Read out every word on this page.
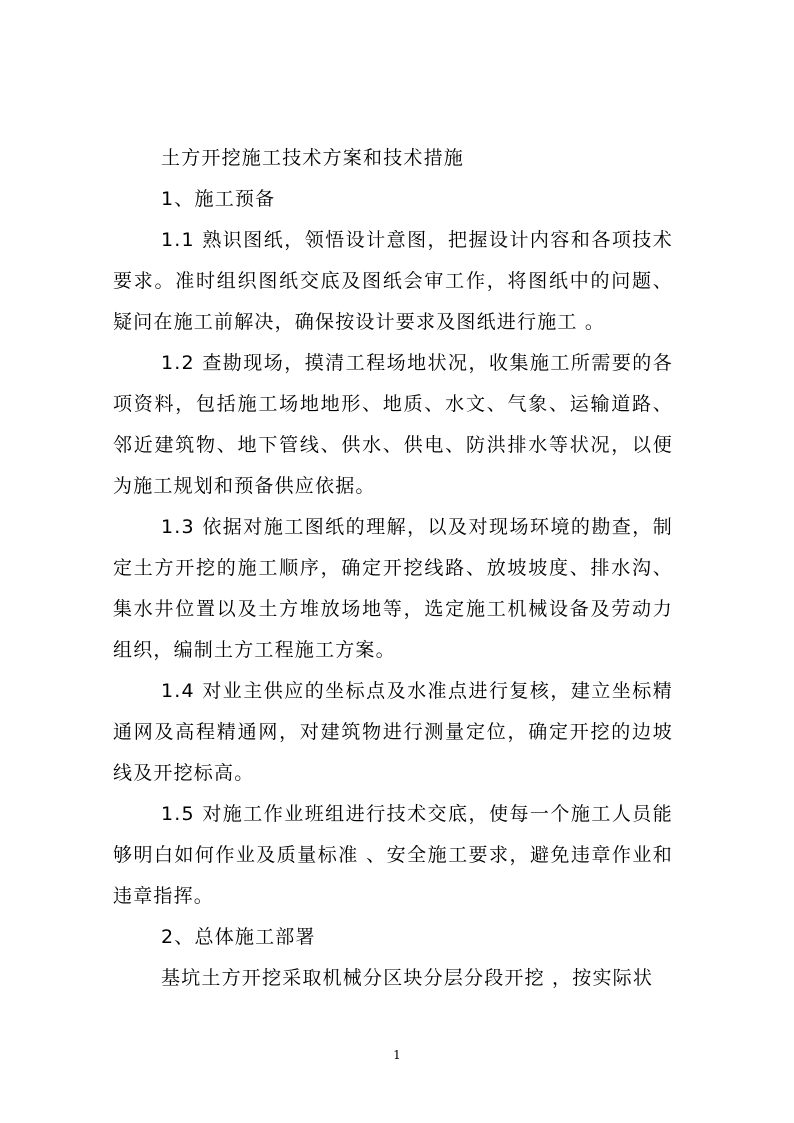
土方开挖施工技术方案和技术措施

1、施工预备

1.1 熟识图纸，领悟设计意图，把握设计内容和各项技术要求。准时组织图纸交底及图纸会审工作，将图纸中的问题、疑问在施工前解决，确保按设计要求及图纸进行施工 。

1.2 查勘现场，摸清工程场地状况，收集施工所需要的各项资料，包括施工场地地形、地质、水文、气象、运输道路、邻近建筑物、地下管线、供水、供电、防洪排水等状况，以便为施工规划和预备供应依据。

1.3 依据对施工图纸的理解，以及对现场环境的勘查，制定土方开挖的施工顺序，确定开挖线路、放坡坡度、排水沟、集水井位置以及土方堆放场地等，选定施工机械设备及劳动力组织，编制土方工程施工方案。

1.4 对业主供应的坐标点及水准点进行复核，建立坐标精通网及高程精通网，对建筑物进行测量定位，确定开挖的边坡线及开挖标高。

1.5 对施工作业班组进行技术交底，使每一个施工人员能够明白如何作业及质量标准 、安全施工要求，避免违章作业和违章指挥。

2、总体施工部署

基坑土方开挖采取机械分区块分层分段开挖 ，按实际状

1
